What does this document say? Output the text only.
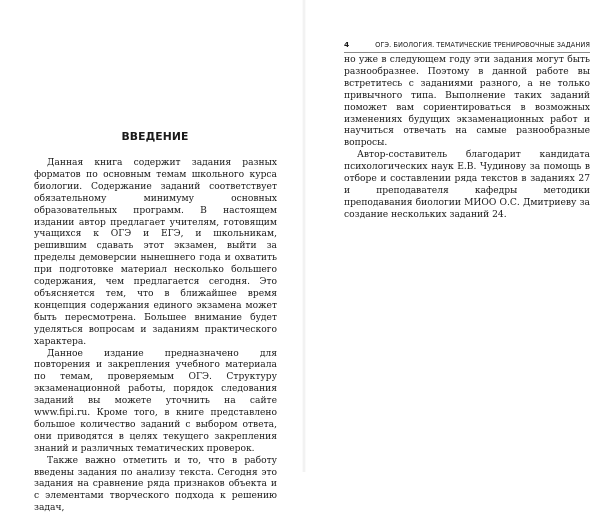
ВВЕДЕНИЕ

Данная книга содержит задания разных форматов по основным темам школьного курса биологии. Содержание заданий соответствует обязательному минимуму основных образовательных программ. В настоящем издании автор предлагает учителям, готовящим учащихся к ОГЭ и ЕГЭ, и школьникам, решившим сдавать этот экзамен, выйти за пределы демоверсии нынешнего года и охватить при подготовке материал несколько большего содержания, чем предлагается сегодня. Это объясняется тем, что в ближайшее время концепция содержания единого экзамена может быть пересмотрена. Большее внимание будет уделяться вопросам и заданиям практического характера.

Данное издание предназначено для повторения и закрепления учебного материала по темам, проверяемым ОГЭ. Структуру экзаменационной работы, порядок следования заданий вы можете уточнить на сайте www.fipi.ru. Кроме того, в книге представлено большое количество заданий с выбором ответа, они приводятся в целях текущего закрепления знаний и различных тематических проверок.

Также важно отметить и то, что в работу введены задания по анализу текста. Сегодня это задания на сравнение ряда признаков объекта и с элементами творческого подхода к решению задач,

4	ОГЭ. БИОЛОГИЯ. ТЕМАТИЧЕСКИЕ ТРЕНИРОВОЧНЫЕ ЗАДАНИЯ

но уже в следующем году эти задания могут быть разнообразнее. Поэтому в данной работе вы встретитесь с заданиями разного, а не только привычного типа. Выполнение таких заданий поможет вам сориентироваться в возможных изменениях будущих экзаменационных работ и научиться отвечать на самые разнообразные вопросы.

Автор-составитель благодарит кандидата психологических наук Е.В. Чудинову за помощь в отборе и составлении ряда текстов в заданиях 27 и преподавателя кафедры методики преподавания биологии МИОО О.С. Дмитриеву за создание нескольких заданий 24.
